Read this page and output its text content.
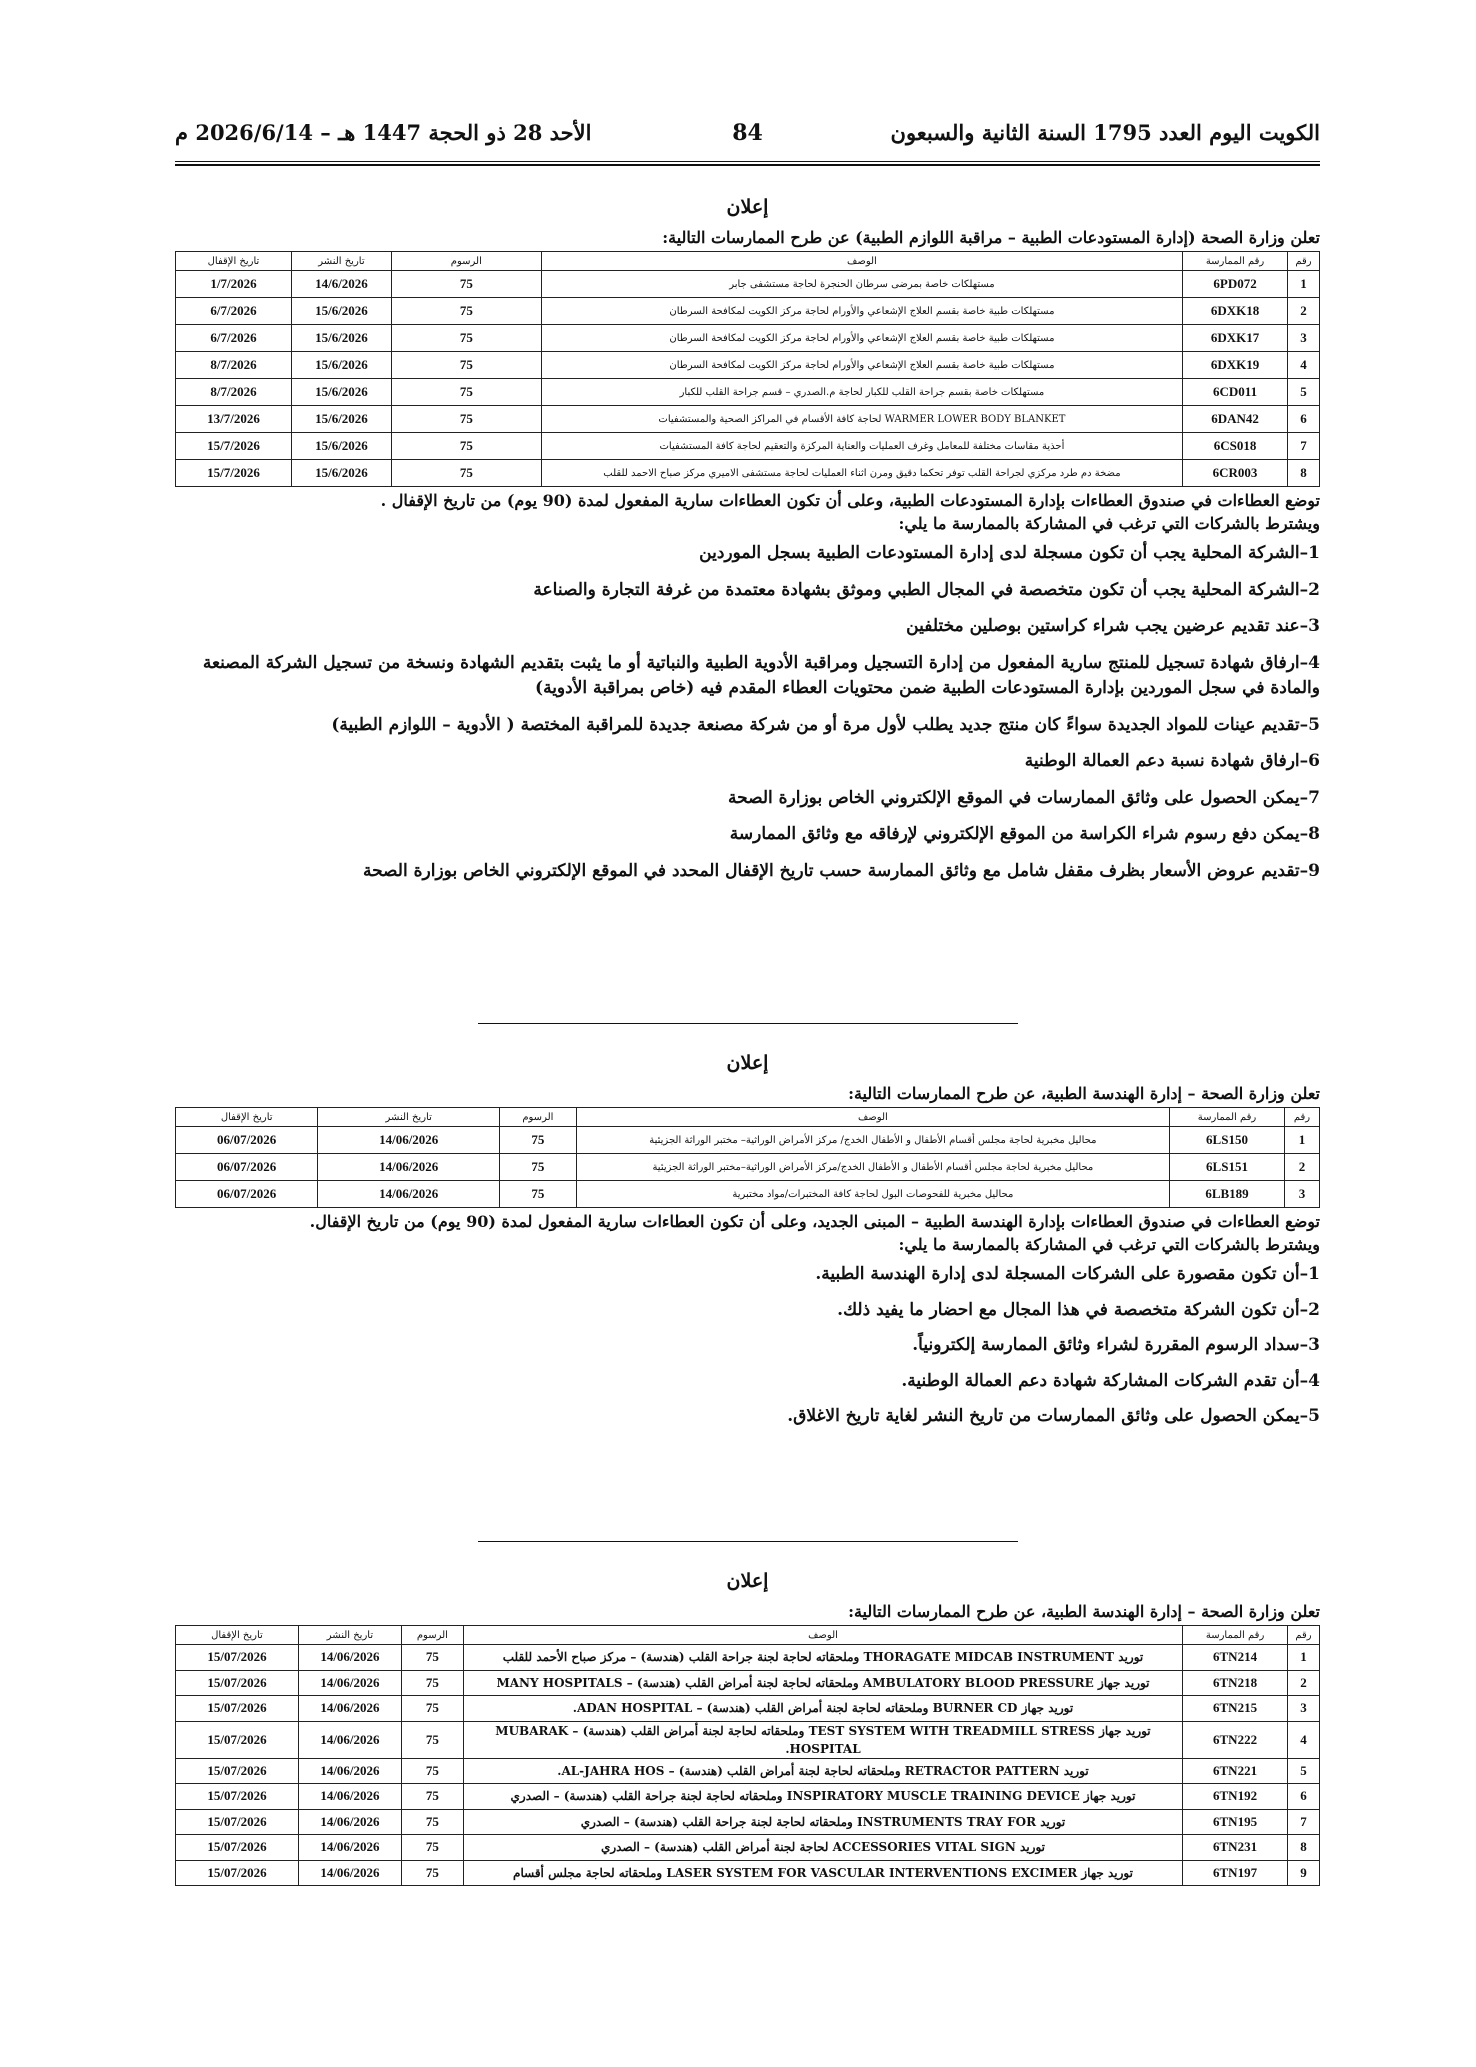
الكويت اليوم العدد 1795 السنة الثانية والسبعون
84
الأحد 28 ذو الحجة 1447 هـ – 2026/6/14 م
إعلان
تعلن وزارة الصحة (إدارة المستودعات الطبية – مراقبة اللوازم الطبية) عن طرح الممارسات التالية:
رقم	رقم الممارسة	الوصف	الرسوم	تاريخ النشر	تاريخ الإقفال
1	6PD072	مستهلكات خاصة بمرضى سرطان الحنجرة لحاجة مستشفى جابر	75	14/6/2026	1/7/2026
2	6DXK18	مستهلكات طبية خاصة بقسم العلاج الإشعاعي والأورام لحاجة مركز الكويت لمكافحة السرطان	75	15/6/2026	6/7/2026
3	6DXK17	مستهلكات طبية خاصة بقسم العلاج الإشعاعي والأورام لحاجة مركز الكويت لمكافحة السرطان	75	15/6/2026	6/7/2026
4	6DXK19	مستهلكات طبية خاصة بقسم العلاج الإشعاعي والأورام لحاجة مركز الكويت لمكافحة السرطان	75	15/6/2026	8/7/2026
5	6CD011	مستهلكات خاصة بقسم جراحة القلب للكبار لحاجة م.الصدري – قسم جراحة القلب للكبار	75	15/6/2026	8/7/2026
6	6DAN42	WARMER LOWER BODY BLANKET لحاجة كافة الأقسام في المراكز الصحية والمستشفيات	75	15/6/2026	13/7/2026
7	6CS018	أحذية مقاسات مختلفة للمعامل وغرف العمليات والعناية المركزة والتعقيم لحاجة كافة المستشفيات	75	15/6/2026	15/7/2026
8	6CR003	مضخة دم طرد مركزي لجراحة القلب توفر تحكما دقيق ومرن اثناء العمليات لحاجة مستشفى الاميري مركز صباح الاحمد للقلب	75	15/6/2026	15/7/2026
توضع العطاءات في صندوق العطاءات بإدارة المستودعات الطبية، وعلى أن تكون العطاءات سارية المفعول لمدة (90 يوم) من تاريخ الإقفال .
ويشترط بالشركات التي ترغب في المشاركة بالممارسة ما يلي:
1–الشركة المحلية يجب أن تكون مسجلة لدى إدارة المستودعات الطبية بسجل الموردين
2–الشركة المحلية يجب أن تكون متخصصة في المجال الطبي وموثق بشهادة معتمدة من غرفة التجارة والصناعة
3–عند تقديم عرضين يجب شراء كراستين بوصلين مختلفين
4–ارفاق شهادة تسجيل للمنتج سارية المفعول من إدارة التسجيل ومراقبة الأدوية الطبية والنباتية أو ما يثبت بتقديم الشهادة ونسخة من تسجيل الشركة المصنعة والمادة في سجل الموردين بإدارة المستودعات الطبية ضمن محتويات العطاء المقدم فيه (خاص بمراقبة الأدوية)
5–تقديم عينات للمواد الجديدة سواءً كان منتج جديد يطلب لأول مرة أو من شركة مصنعة جديدة للمراقبة المختصة ( الأدوية – اللوازم الطبية)
6–ارفاق شهادة نسبة دعم العمالة الوطنية
7–يمكن الحصول على وثائق الممارسات في الموقع الإلكتروني الخاص بوزارة الصحة
8–يمكن دفع رسوم شراء الكراسة من الموقع الإلكتروني لإرفاقه مع وثائق الممارسة
9–تقديم عروض الأسعار بظرف مقفل شامل مع وثائق الممارسة حسب تاريخ الإقفال المحدد في الموقع الإلكتروني الخاص بوزارة الصحة
إعلان
تعلن وزارة الصحة – إدارة الهندسة الطبية، عن طرح الممارسات التالية:
رقم	رقم الممارسة	الوصف	الرسوم	تاريخ النشر	تاريخ الإقفال
1	6LS150	محاليل مخبرية لحاجة مجلس أقسام الأطفال و الأطفال الخدج/ مركز الأمراض الوراثية– مختبر الوراثة الجزيئية	75	14/06/2026	06/07/2026
2	6LS151	محاليل مخبرية لحاجة مجلس أقسام الأطفال و الأطفال الخدج/مركز الأمراض الوراثية–مختبر الوراثة الجزيئية	75	14/06/2026	06/07/2026
3	6LB189	محاليل مخبرية للفحوصات البول لحاجة كافة المختبرات/مواد مختبرية	75	14/06/2026	06/07/2026
توضع العطاءات في صندوق العطاءات بإدارة الهندسة الطبية – المبنى الجديد، وعلى أن تكون العطاءات سارية المفعول لمدة (90 يوم) من تاريخ الإقفال.
ويشترط بالشركات التي ترغب في المشاركة بالممارسة ما يلي:
1–أن تكون مقصورة على الشركات المسجلة لدى إدارة الهندسة الطبية.
2–أن تكون الشركة متخصصة في هذا المجال مع احضار ما يفيد ذلك.
3–سداد الرسوم المقررة لشراء وثائق الممارسة إلكترونياً.
4–أن تقدم الشركات المشاركة شهادة دعم العمالة الوطنية.
5–يمكن الحصول على وثائق الممارسات من تاريخ النشر لغاية تاريخ الاغلاق.
إعلان
تعلن وزارة الصحة – إدارة الهندسة الطبية، عن طرح الممارسات التالية:
رقم	رقم الممارسة	الوصف	الرسوم	تاريخ النشر	تاريخ الإقفال
1	6TN214	توريد THORAGATE MIDCAB INSTRUMENT وملحقاته لحاجة لجنة جراحة القلب (هندسة) – مركز صباح الأحمد للقلب	75	14/06/2026	15/07/2026
2	6TN218	توريد جهاز AMBULATORY BLOOD PRESSURE وملحقاته لحاجة لجنة أمراض القلب (هندسة) – MANY HOSPITALS	75	14/06/2026	15/07/2026
3	6TN215	توريد جهاز BURNER CD وملحقاته لحاجة لجنة أمراض القلب (هندسة) – ADAN HOSPITAL.	75	14/06/2026	15/07/2026
4	6TN222	توريد جهاز TEST SYSTEM WITH TREADMILL STRESS وملحقاته لحاجة لجنة أمراض القلب (هندسة) – MUBARAK HOSPITAL.	75	14/06/2026	15/07/2026
5	6TN221	توريد RETRACTOR PATTERN وملحقاته لحاجة لجنة أمراض القلب (هندسة) – AL-JAHRA HOS.	75	14/06/2026	15/07/2026
6	6TN192	توريد جهاز INSPIRATORY MUSCLE TRAINING DEVICE وملحقاته لحاجة لجنة جراحة القلب (هندسة) – الصدري	75	14/06/2026	15/07/2026
7	6TN195	توريد INSTRUMENTS TRAY FOR وملحقاته لحاجة لجنة جراحة القلب (هندسة) – الصدري	75	14/06/2026	15/07/2026
8	6TN231	توريد ACCESSORIES VITAL SIGN لحاجة لجنة أمراض القلب (هندسة) – الصدري	75	14/06/2026	15/07/2026
9	6TN197	توريد جهاز LASER SYSTEM FOR VASCULAR INTERVENTIONS EXCIMER وملحقاته لحاجة مجلس أقسام	75	14/06/2026	15/07/2026
